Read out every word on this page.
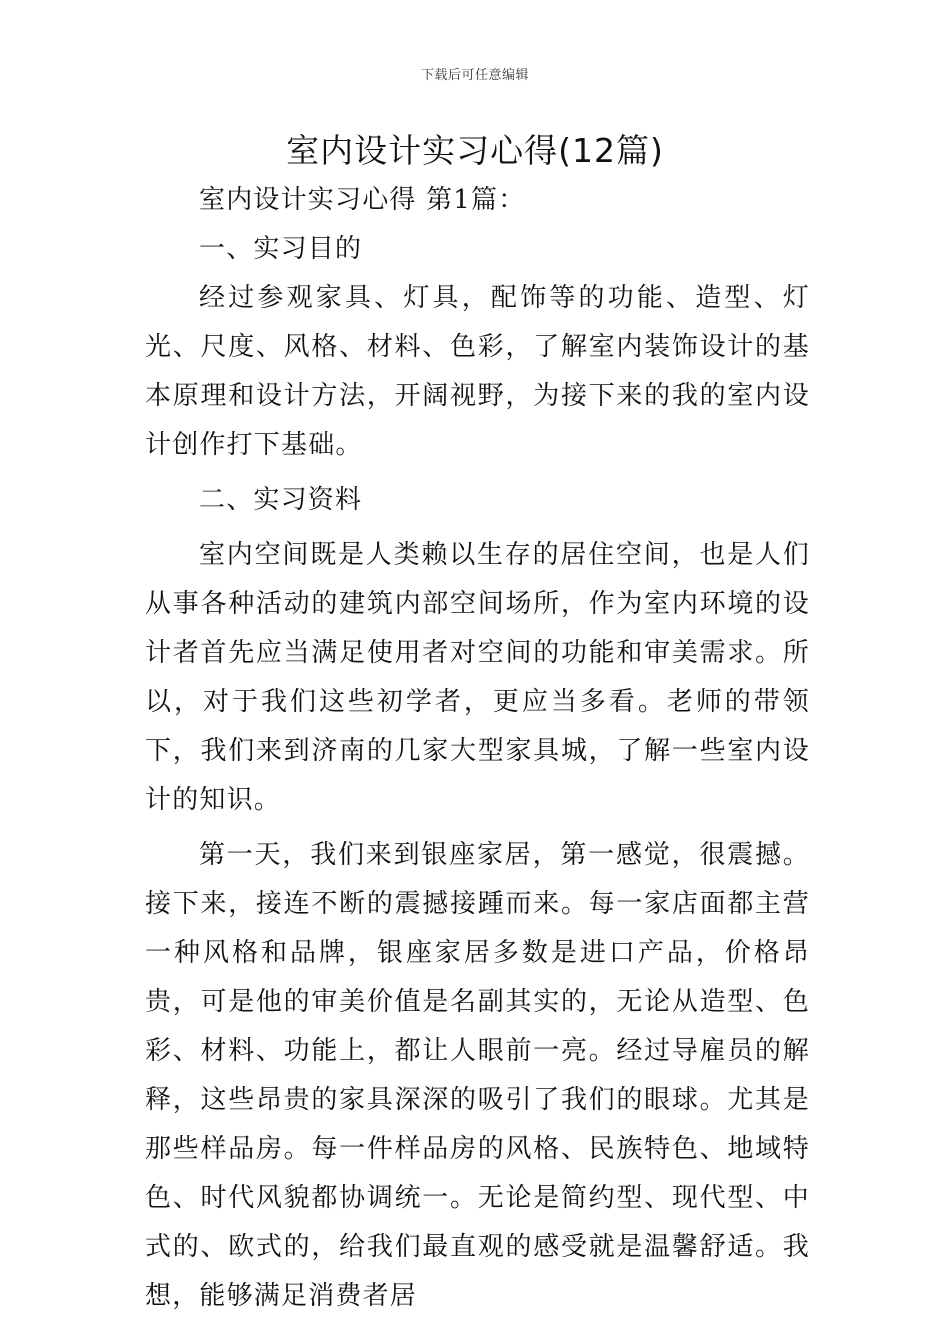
下载后可任意编辑
室内设计实习心得(12篇)

室内设计实习心得 第1篇：

一、实习目的

经过参观家具、灯具，配饰等的功能、造型、灯光、尺度、风格、材料、色彩，了解室内装饰设计的基本原理和设计方法，开阔视野，为接下来的我的室内设计创作打下基础。

二、实习资料

室内空间既是人类赖以生存的居住空间，也是人们从事各种活动的建筑内部空间场所，作为室内环境的设计者首先应当满足使用者对空间的功能和审美需求。所以，对于我们这些初学者，更应当多看。老师的带领下，我们来到济南的几家大型家具城，了解一些室内设计的知识。

第一天，我们来到银座家居，第一感觉，很震撼。接下来，接连不断的震撼接踵而来。每一家店面都主营一种风格和品牌，银座家居多数是进口产品，价格昂贵，可是他的审美价值是名副其实的，无论从造型、色彩、材料、功能上，都让人眼前一亮。经过导雇员的解释，这些昂贵的家具深深的吸引了我们的眼球。尤其是那些样品房。每一件样品房的风格、民族特色、地域特色、时代风貌都协调统一。无论是简约型、现代型、中式的、欧式的，给我们最直观的感受就是温馨舒适。我想，能够满足消费者居
